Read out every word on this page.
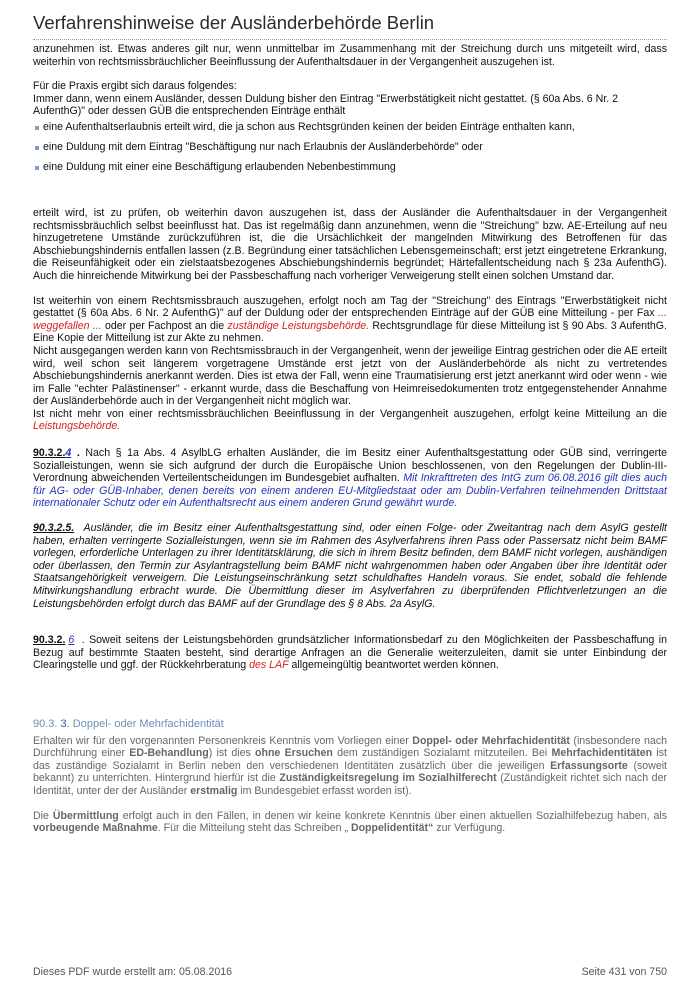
Verfahrenshinweise der Ausländerbehörde Berlin

anzunehmen ist. Etwas anderes gilt nur, wenn unmittelbar im Zusammenhang mit der Streichung durch uns mitgeteilt wird, dass weiterhin von rechtsmissbräuchlicher Beeinflussung der Aufenthaltsdauer in der Vergangenheit auszugehen ist.

Für die Praxis ergibt sich daraus folgendes:

Immer dann, wenn einem Ausländer, dessen Duldung bisher den Eintrag "Erwerbstätigkeit nicht gestattet. (§ 60a Abs. 6 Nr. 2 AufenthG)" oder dessen GÜB die entsprechenden Einträge enthält

eine Aufenthaltserlaubnis erteilt wird, die ja schon aus Rechtsgründen keinen der beiden Einträge enthalten kann,
eine Duldung mit dem Eintrag "Beschäftigung nur nach Erlaubnis der Ausländerbehörde" oder
eine Duldung mit einer eine Beschäftigung erlaubenden Nebenbestimmung

erteilt wird, ist zu prüfen, ob weiterhin davon auszugehen ist, dass der Ausländer die Aufenthaltsdauer in der Vergangenheit rechtsmissbräuchlich selbst beeinflusst hat. Das ist regelmäßig dann anzunehmen, wenn die "Streichung" bzw. AE-Erteilung auf neu hinzugetretene Umstände zurückzuführen ist, die die Ursächlichkeit der mangelnden Mitwirkung des Betroffenen für das Abschiebungshindernis entfallen lassen (z.B. Begründung einer tatsächlichen Lebensgemeinschaft; erst jetzt eingetretene Erkrankung, die Reiseunfähigkeit oder ein zielstaatsbezogenes Abschiebungshindernis begründet; Härtefallentscheidung nach § 23a AufenthG). Auch die hinreichende Mitwirkung bei der Passbeschaffung nach vorheriger Verweigerung stellt einen solchen Umstand dar.

Ist weiterhin von einem Rechtsmissbrauch auszugehen, erfolgt noch am Tag der "Streichung" des Eintrags "Erwerbstätigkeit nicht gestattet (§ 60a Abs. 6 Nr. 2 AufenthG)" auf der Duldung oder der entsprechenden Einträge auf der GÜB eine Mitteilung - per Fax ... weggefallen ... oder per Fachpost an die zuständige Leistungsbehörde. Rechtsgrundlage für diese Mitteilung ist § 90 Abs. 3 AufenthG. Eine Kopie der Mitteilung ist zur Akte zu nehmen.

Nicht ausgegangen werden kann von Rechtsmissbrauch in der Vergangenheit, wenn der jeweilige Eintrag gestrichen oder die AE erteilt wird, weil schon seit längerem vorgetragene Umstände erst jetzt von der Ausländerbehörde als nicht zu vertretendes Abschiebungshindernis anerkannt werden. Dies ist etwa der Fall, wenn eine Traumatisierung erst jetzt anerkannt wird oder wenn - wie im Falle "echter Palästinenser" - erkannt wurde, dass die Beschaffung von Heimreisedokumenten trotz entgegenstehender Annahme der Ausländerbehörde auch in der Vergangenheit nicht möglich war.

Ist nicht mehr von einer rechtsmissbräuchlichen Beeinflussung in der Vergangenheit auszugehen, erfolgt keine Mitteilung an die Leistungsbehörde.

90.3.2.4 . Nach § 1a Abs. 4 AsylbLG erhalten Ausländer, die im Besitz einer Aufenthaltsgestattung oder GÜB sind, verringerte Sozialleistungen, wenn sie sich aufgrund der durch die Europäische Union beschlossenen, von den Regelungen der Dublin-III-Verordnung abweichenden Verteilentscheidungen im Bundesgebiet aufhalten. Mit Inkrafttreten des IntG zum 06.08.2016 gilt dies auch für AG- oder GÜB-Inhaber, denen bereits von einem anderen EU-Mitgliedstaat oder am Dublin-Verfahren teilnehmenden Drittstaat internationaler Schutz oder ein Aufenthaltsrecht aus einem anderen Grund gewährt wurde.

90.3.2.5. Ausländer, die im Besitz einer Aufenthaltsgestattung sind, oder einen Folge- oder Zweitantrag nach dem AsylG gestellt haben, erhalten verringerte Sozialleistungen, wenn sie im Rahmen des Asylverfahrens ihren Pass oder Passersatz nicht beim BAMF vorlegen, erforderliche Unterlagen zu ihrer Identitätsklärung, die sich in ihrem Besitz befinden, dem BAMF nicht vorlegen, aushändigen oder überlassen, den Termin zur Asylantragstellung beim BAMF nicht wahrgenommen haben oder Angaben über ihre Identität oder Staatsangehörigkeit verweigern. Die Leistungseinschränkung setzt schuldhaftes Handeln voraus. Sie endet, sobald die fehlende Mitwirkungshandlung erbracht wurde. Die Übermittlung dieser im Asylverfahren zu überprüfenden Pflichtverletzungen an die Leistungsbehörden erfolgt durch das BAMF auf der Grundlage des § 8 Abs. 2a AsylG.

90.3.2. 6 . Soweit seitens der Leistungsbehörden grundsätzlicher Informationsbedarf zu den Möglichkeiten der Passbeschaffung in Bezug auf bestimmte Staaten besteht, sind derartige Anfragen an die Generalie weiterzuleiten, damit sie unter Einbindung der Clearingstelle und ggf. der Rückkehrberatung des LAF allgemeingültig beantwortet werden können.

90.3. 3. Doppel- oder Mehrfachidentität

Erhalten wir für den vorgenannten Personenkreis Kenntnis vom Vorliegen einer Doppel- oder Mehrfachidentität (insbesondere nach Durchführung einer ED-Behandlung) ist dies ohne Ersuchen dem zuständigen Sozialamt mitzuteilen. Bei Mehrfachidentitäten ist das zuständige Sozialamt in Berlin neben den verschiedenen Identitäten zusätzlich über die jeweiligen Erfassungsorte (soweit bekannt) zu unterrichten. Hintergrund hierfür ist die Zuständigkeitsregelung im Sozialhilferecht (Zuständigkeit richtet sich nach der Identität, unter der der Ausländer erstmalig im Bundesgebiet erfasst worden ist).

Die Übermittlung erfolgt auch in den Fällen, in denen wir keine konkrete Kenntnis über einen aktuellen Sozialhilfebezug haben, als vorbeugende Maßnahme. Für die Mitteilung steht das Schreiben „ Doppelidentität“ zur Verfügung.

Dieses PDF wurde erstellt am: 05.08.2016	Seite 431 von 750
